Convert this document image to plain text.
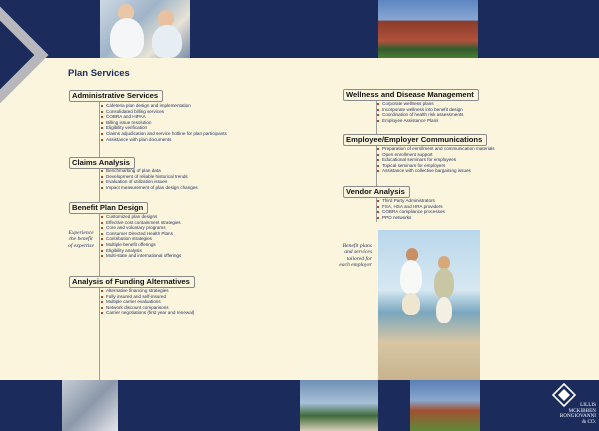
LILLIS
MCKIBBEN
BONGIOVANNI
& CO.
Plan Services
Administrative Services
Cafeteria plan design and implementation
Consolidated billing services
COBRA and HIPAA
Billing issue resolution
Eligibility verification
Claims adjudication and service hotline for plan participants
Assistance with plan documents
Claims Analysis
Benchmarking of plan data
Development of reliable historical trends
Evaluation of utilization issues
Impact measurement of plan design changes
Benefit Plan Design
Customized plan designs
Effective cost containment strategies
Core and voluntary programs
Consumer Directed Health Plans
Contribution strategies
Multiple benefit offerings
Eligibility analysis
Multi-state and international offerings
Analysis of Funding Alternatives
Alternative financing strategies
Fully insured and self-insured
Multiple carrier evaluations
Network discount comparisons
Carrier negotiations (first year and renewal)
Wellness and Disease Management
Corporate wellness plans
Incorporate wellness into benefit design
Coordination of health risk assessments
Employee Assistance Plans
Employee/Employer Communications
Preparation of enrollment and communication materials
Open enrollment support
Educational seminars for employees
Topical seminars for employers
Assistance with collective bargaining issues
Vendor Analysis
Third Party Administrators
FSA, HSA and HRA providers
COBRA compliance processes
PPO networks
Experience
the benefit
of expertise	Benefit plans
and services
tailored for
each employer
